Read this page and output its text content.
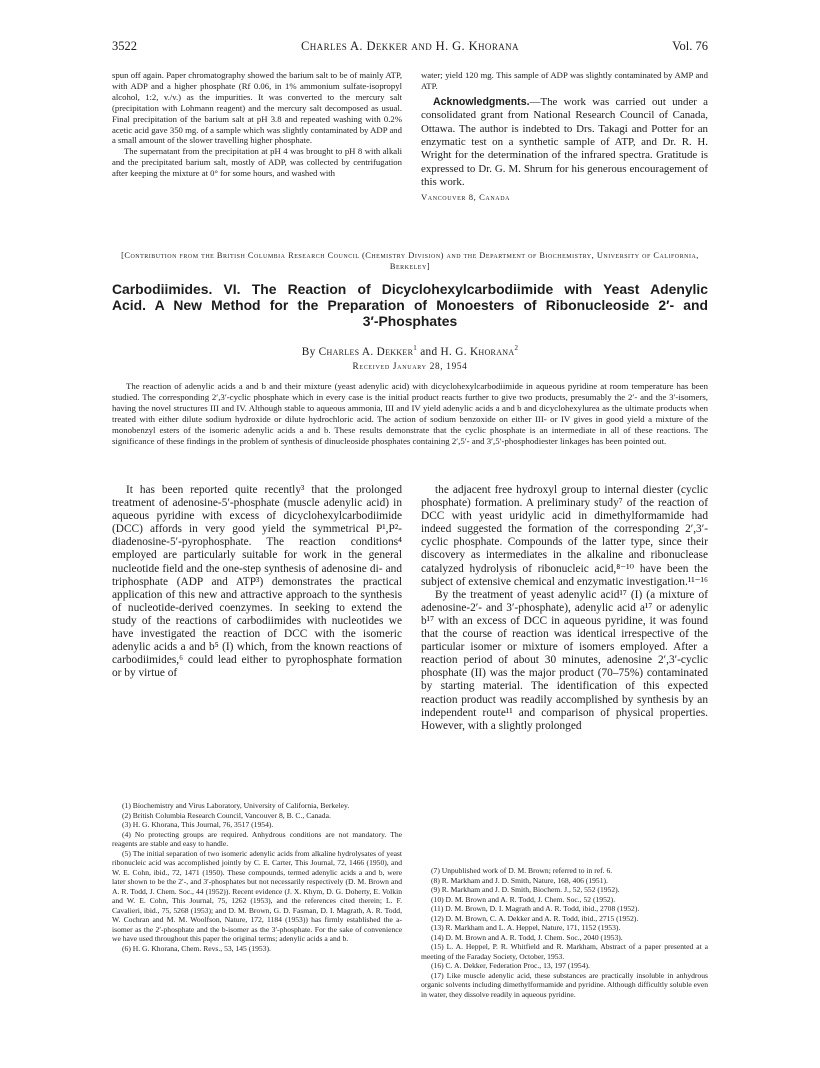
3522	Charles A. Dekker and H. G. Khorana	Vol. 76

spun off again. Paper chromatography showed the barium salt to be of mainly ATP, with ADP and a higher phosphate (Rf 0.06, in 1% ammonium sulfate-isopropyl alcohol, 1:2, v./v.) as the impurities. It was converted to the mercury salt (precipitation with Lohmann reagent) and the mercury salt decomposed as usual. Final precipitation of the barium salt at pH 3.8 and repeated washing with 0.2% acetic acid gave 350 mg. of a sample which was slightly contaminated by ADP and a small amount of the slower travelling higher phosphate.

The supernatant from the precipitation at pH 4 was brought to pH 8 with alkali and the precipitated barium salt, mostly of ADP, was collected by centrifugation after keeping the mixture at 0° for some hours, and washed with

water; yield 120 mg. This sample of ADP was slightly contaminated by AMP and ATP.

Acknowledgments.—The work was carried out under a consolidated grant from National Research Council of Canada, Ottawa. The author is indebted to Drs. Takagi and Potter for an enzymatic test on a synthetic sample of ATP, and Dr. R. H. Wright for the determination of the infrared spectra. Gratitude is expressed to Dr. G. M. Shrum for his generous encouragement of this work.

Vancouver 8, Canada
[Contribution from the British Columbia Research Council (Chemistry Division) and the Department of Biochemistry, University of California, Berkeley]
Carbodiimides. VI. The Reaction of Dicyclohexylcarbodiimide with Yeast Adenylic
Acid. A New Method for the Preparation of Monoesters of Ribonucleoside 2′- and
3′-Phosphates
By Charles A. Dekker$^1$ and H. G. Khorana$^2$
Received January 28, 1954
The reaction of adenylic acids a and b and their mixture (yeast adenylic acid) with dicyclohexylcarbodiimide in aqueous pyridine at room temperature has been studied. The corresponding 2′,3′-cyclic phosphate which in every case is the initial product reacts further to give two products, presumably the 2′- and the 3′-isomers, having the novel structures III and IV. Although stable to aqueous ammonia, III and IV yield adenylic acids a and b and dicyclohexylurea as the ultimate products when treated with either dilute sodium hydroxide or dilute hydrochloric acid. The action of sodium benzoxide on either III- or IV gives in good yield a mixture of the monobenzyl esters of the isomeric adenylic acids a and b. These results demonstrate that the cyclic phosphate is an intermediate in all of these reactions. The significance of these findings in the problem of synthesis of dinucleoside phosphates containing 2′,5′- and 3′,5′-phosphodiester linkages has been pointed out.

It has been reported quite recently³ that the prolonged treatment of adenosine-5′-phosphate (muscle adenylic acid) in aqueous pyridine with excess of dicyclohexylcarbodiimide (DCC) affords in very good yield the symmetrical P¹,P²-diadenosine-5′-pyrophosphate. The reaction conditions⁴ employed are particularly suitable for work in the general nucleotide field and the one-step synthesis of adenosine di- and triphosphate (ADP and ATP³) demonstrates the practical application of this new and attractive approach to the synthesis of nucleotide-derived coenzymes. In seeking to extend the study of the reactions of carbodiimides with nucleotides we have investigated the reaction of DCC with the isomeric adenylic acids a and b⁵ (I) which, from the known reactions of carbodiimides,⁶ could lead either to pyrophosphate formation or by virtue of

(1) Biochemistry and Virus Laboratory, University of California, Berkeley.

(2) British Columbia Research Council, Vancouver 8, B. C., Canada.

(3) H. G. Khorana, This Journal, 76, 3517 (1954).

(4) No protecting groups are required. Anhydrous conditions are not mandatory. The reagents are stable and easy to handle.

(5) The initial separation of two isomeric adenylic acids from alkaline hydrolysates of yeast ribonucleic acid was accomplished jointly by C. E. Carter, This Journal, 72, 1466 (1950), and W. E. Cohn, ibid., 72, 1471 (1950). These compounds, termed adenylic acids a and b, were later shown to be the 2′-, and 3′-phosphates but not necessarily respectively (D. M. Brown and A. R. Todd, J. Chem. Soc., 44 (1952)). Recent evidence (J. X. Khym, D. G. Doherty, E. Volkin and W. E. Cohn, This Journal, 75, 1262 (1953), and the references cited therein; L. F. Cavalieri, ibid., 75, 5268 (1953); and D. M. Brown, G. D. Fasman, D. I. Magrath, A. R. Todd, W. Cochran and M. M. Woolfson, Nature, 172, 1184 (1953)) has firmly established the a-isomer as the 2′-phosphate and the b-isomer as the 3′-phosphate. For the sake of convenience we have used throughout this paper the original terms; adenylic acids a and b.

(6) H. G. Khorana, Chem. Revs., 53, 145 (1953).

the adjacent free hydroxyl group to internal diester (cyclic phosphate) formation. A preliminary study⁷ of the reaction of DCC with yeast uridylic acid in dimethylformamide had indeed suggested the formation of the corresponding 2′,3′-cyclic phosphate. Compounds of the latter type, since their discovery as intermediates in the alkaline and ribonuclease catalyzed hydrolysis of ribonucleic acid,⁸⁻¹⁰ have been the subject of extensive chemical and enzymatic investigation.¹¹⁻¹⁶

By the treatment of yeast adenylic acid¹⁷ (I) (a mixture of adenosine-2′- and 3′-phosphate), adenylic acid a¹⁷ or adenylic b¹⁷ with an excess of DCC in aqueous pyridine, it was found that the course of reaction was identical irrespective of the particular isomer or mixture of isomers employed. After a reaction period of about 30 minutes, adenosine 2′,3′-cyclic phosphate (II) was the major product (70–75%) contaminated by starting material. The identification of this expected reaction product was readily accomplished by synthesis by an independent route¹¹ and comparison of physical properties. However, with a slightly prolonged

(7) Unpublished work of D. M. Brown; referred to in ref. 6.

(8) R. Markham and J. D. Smith, Nature, 168, 406 (1951).

(9) R. Markham and J. D. Smith, Biochem. J., 52, 552 (1952).

(10) D. M. Brown and A. R. Todd, J. Chem. Soc., 52 (1952).

(11) D. M. Brown, D. I. Magrath and A. R. Todd, ibid., 2708 (1952).

(12) D. M. Brown, C. A. Dekker and A. R. Todd, ibid., 2715 (1952).

(13) R. Markham and L. A. Heppel, Nature, 171, 1152 (1953).

(14) D. M. Brown and A. R. Todd, J. Chem. Soc., 2040 (1953).

(15) L. A. Heppel, P. R. Whitfield and R. Markham, Abstract of a paper presented at a meeting of the Faraday Society, October, 1953.

(16) C. A. Dekker, Federation Proc., 13, 197 (1954).

(17) Like muscle adenylic acid, these substances are practically insoluble in anhydrous organic solvents including dimethylformamide and pyridine. Although difficultly soluble even in water, they dissolve readily in aqueous pyridine.
